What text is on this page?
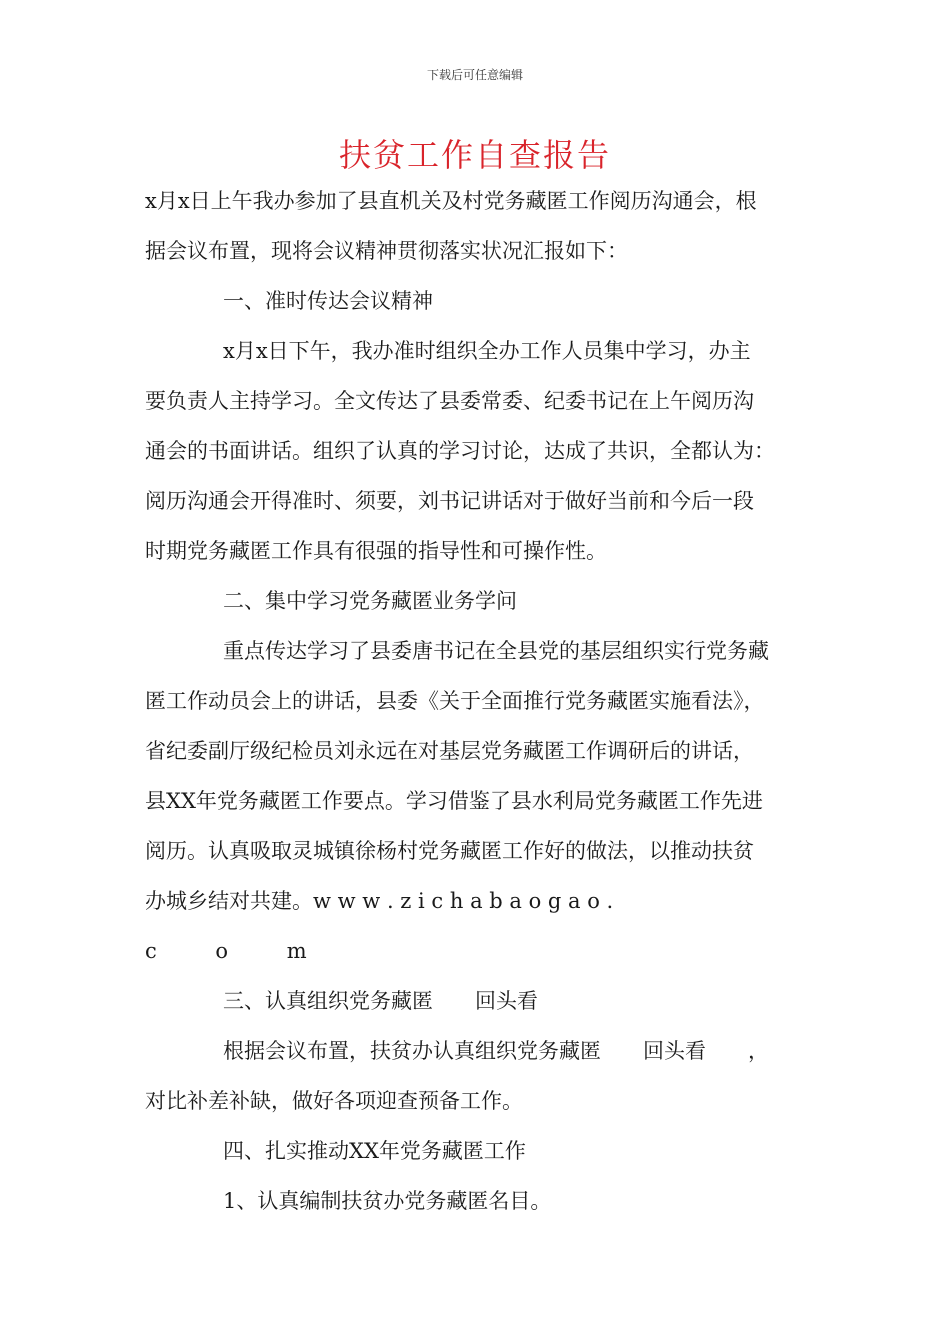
下载后可任意编辑
扶贫工作自查报告
x月x日上午我办参加了县直机关及村党务藏匿工作阅历沟通会，根
据会议布置，现将会议精神贯彻落实状况汇报如下：
一、准时传达会议精神
x月x日下午，我办准时组织全办工作人员集中学习，办主
要负责人主持学习。全文传达了县委常委、纪委书记在上午阅历沟
通会的书面讲话。组织了认真的学习讨论，达成了共识，全都认为：
阅历沟通会开得准时、须要，刘书记讲话对于做好当前和今后一段
时期党务藏匿工作具有很强的指导性和可操作性。
二、集中学习党务藏匿业务学问
重点传达学习了县委唐书记在全县党的基层组织实行党务藏
匿工作动员会上的讲话，县委《关于全面推行党务藏匿实施看法》，
省纪委副厅级纪检员刘永远在对基层党务藏匿工作调研后的讲话，
县XX年党务藏匿工作要点。学习借鉴了县水利局党务藏匿工作先进
阅历。认真吸取灵城镇徐杨村党务藏匿工作好的做法，以推动扶贫
办城乡结对共建。w w w . z i c h a b a o g a o .
c o m
三、认真组织党务藏匿　　回头看
根据会议布置，扶贫办认真组织党务藏匿　　回头看　　，
对比补差补缺，做好各项迎查预备工作。
四、扎实推动XX年党务藏匿工作
1、认真编制扶贫办党务藏匿名目。
